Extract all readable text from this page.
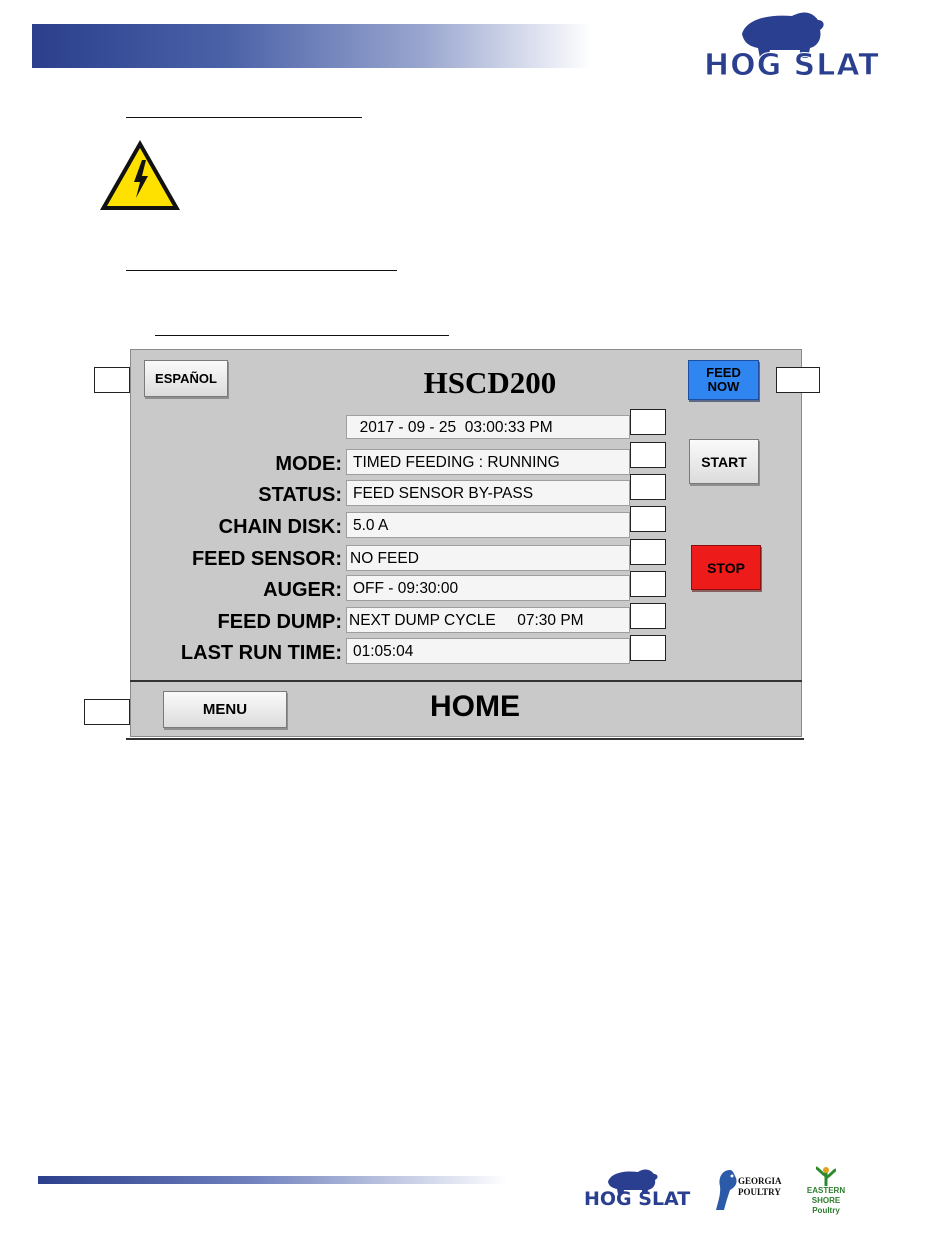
HOG SLAT
HSCD200
ESPAÑOL	FEED
NOW
START
STOP
MENU	HOME
2017 - 09 - 25  03:00:33 PM
MODE: TIMED FEEDING : RUNNING
STATUS: FEED SENSOR BY-PASS
CHAIN DISK: 5.0 A
FEED SENSOR: NO FEED
AUGER: OFF - 09:30:00
FEED DUMP: NEXT DUMP CYCLE     07:30 PM
LAST RUN TIME: 01:05:04
HOG SLAT
GEORGIA POULTRY	EASTERN SHORE Poultry
